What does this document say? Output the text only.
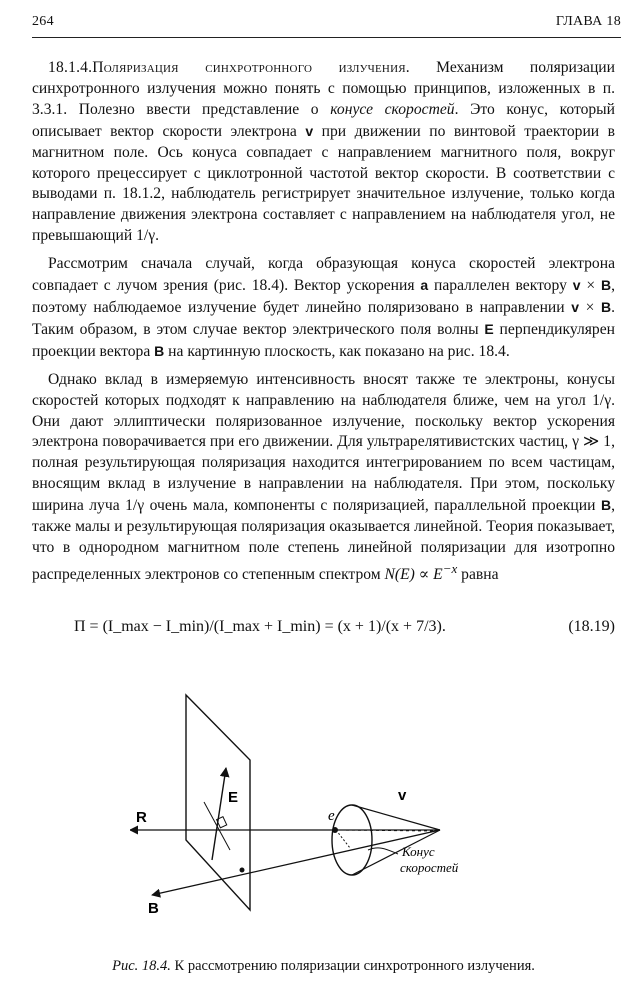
264	ГЛАВА 18

18.1.4.Поляризация синхротронного излучения. Механизм поляризации синхротронного излучения можно понять с помощью принципов, изложенных в п. 3.3.1. Полезно ввести представление о конусе скоростей. Это конус, который описывает вектор скорости электрона v при движении по винтовой траектории в магнитном поле. Ось конуса совпадает с направлением магнитного поля, вокруг которого прецессирует с циклотронной частотой вектор скорости. В соответствии с выводами п. 18.1.2, наблюдатель регистрирует значительное излучение, только когда направление движения электрона составляет с направлением на наблюдателя угол, не превышающий 1/γ.

Рассмотрим сначала случай, когда образующая конуса скоростей электрона совпадает с лучом зрения (рис. 18.4). Вектор ускорения a параллелен вектору v × B, поэтому наблюдаемое излучение будет линейно поляризовано в направлении v × B. Таким образом, в этом случае вектор электрического поля волны E перпендикулярен проекции вектора B на картинную плоскость, как показано на рис. 18.4.

Однако вклад в измеряемую интенсивность вносят также те электроны, конусы скоростей которых подходят к направлению на наблюдателя ближе, чем на угол 1/γ. Они дают эллиптически поляризованное излучение, поскольку вектор ускорения электрона поворачивается при его движении. Для ультрарелятивистских частиц, γ ≫ 1, полная результирующая поляризация находится интегрированием по всем частицам, вносящим вклад в излучение в направлении на наблюдателя. При этом, поскольку ширина луча 1/γ очень мала, компоненты с поляризацией, параллельной проекции B, также малы и результирующая поляризация оказывается линейной. Теория показывает, что в однородном магнитном поле степень линейной поляризации для изотропно распределенных электронов со степенным спектром $N(E) \propto E^{-x}$ равна

Π = (I_max − I_min)/(I_max + I_min) = (x + 1)/(x + 7/3).	(18.19)
R
B
E
e
v
Конус
скоростей
Рис. 18.4. К рассмотрению поляризации синхротронного излучения.
